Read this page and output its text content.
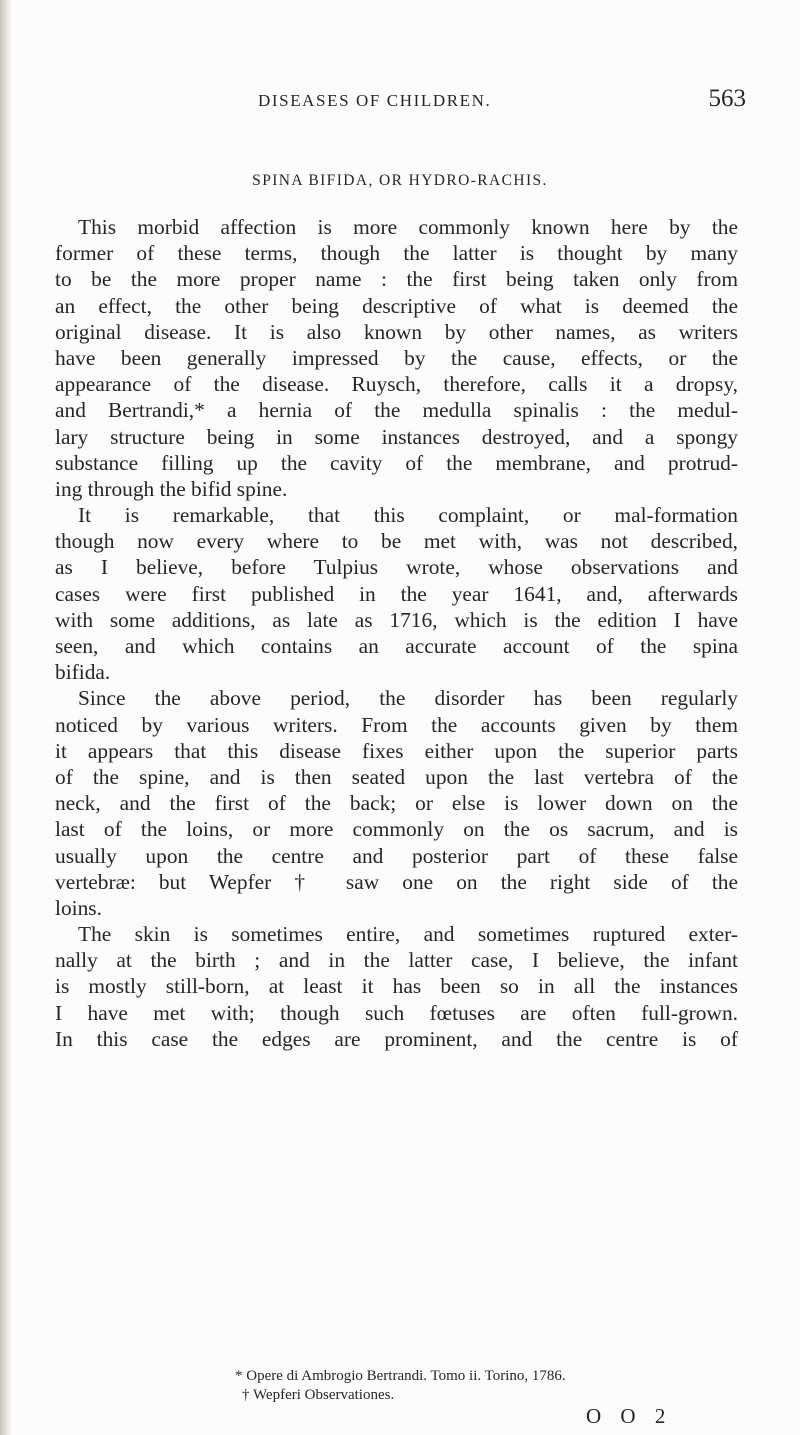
DISEASES OF CHILDREN.	563
SPINA BIFIDA, OR HYDRO-RACHIS.
This morbid affection is more commonly known here by the
former of these terms, though the latter is thought by many
to be the more proper name : the first being taken only from
an effect, the other being descriptive of what is deemed the
original disease. It is also known by other names, as writers
have been generally impressed by the cause, effects, or the
appearance of the disease. Ruysch, therefore, calls it a dropsy,
and Bertrandi,* a hernia of the medulla spinalis : the medul-
lary structure being in some instances destroyed, and a spongy
substance filling up the cavity of the membrane, and protrud-
ing through the bifid spine.
It is remarkable, that this complaint, or mal-formation
though now every where to be met with, was not described,
as I believe, before Tulpius wrote, whose observations and
cases were first published in the year 1641, and, afterwards
with some additions, as late as 1716, which is the edition I have
seen, and which contains an accurate account of the spina
bifida.
Since the above period, the disorder has been regularly
noticed by various writers. From the accounts given by them
it appears that this disease fixes either upon the superior parts
of the spine, and is then seated upon the last vertebra of the
neck, and the first of the back; or else is lower down on the
last of the loins, or more commonly on the os sacrum, and is
usually upon the centre and posterior part of these false
vertebræ: but Wepfer † saw one on the right side of the
loins.
The skin is sometimes entire, and sometimes ruptured exter-
nally at the birth ; and in the latter case, I believe, the infant
is mostly still-born, at least it has been so in all the instances
I have met with; though such fœtuses are often full-grown.
In this case the edges are prominent, and the centre is of
* Opere di Ambrogio Bertrandi. Tomo ii. Torino, 1786.
† Wepferi Observationes.
O O 2
